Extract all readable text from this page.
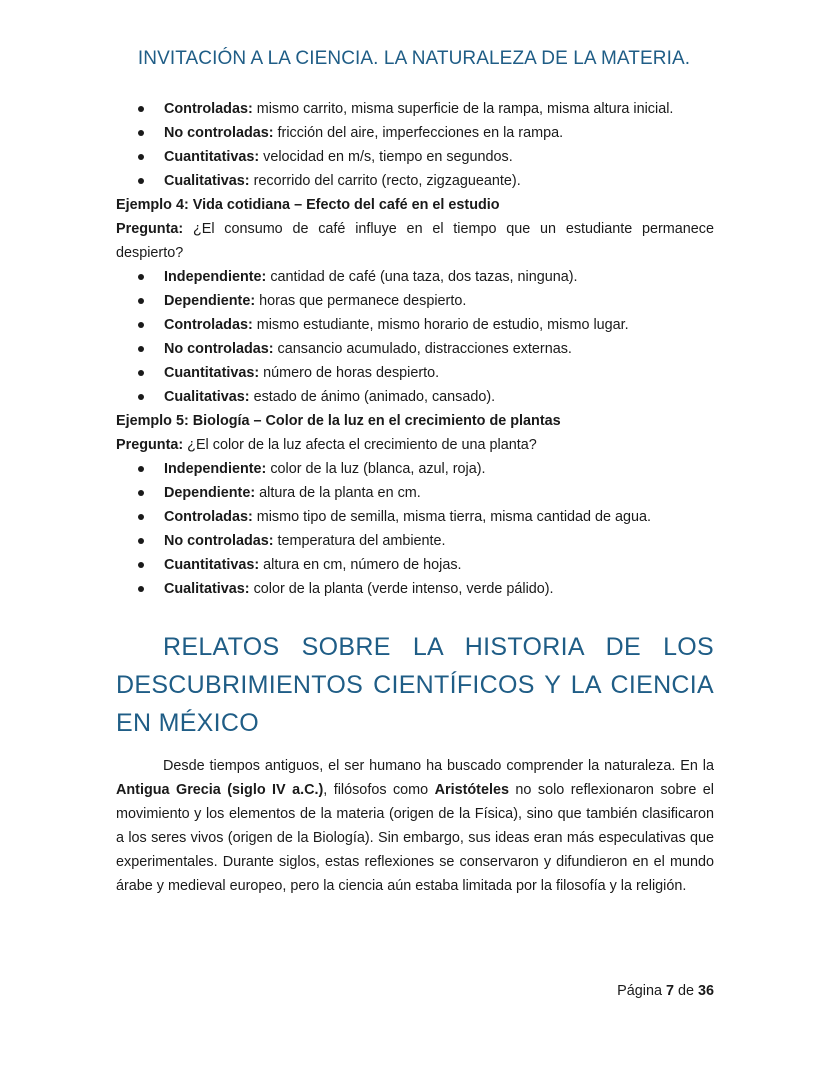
INVITACIÓN A LA CIENCIA. LA NATURALEZA DE LA MATERIA.
Controladas: mismo carrito, misma superficie de la rampa, misma altura inicial.
No controladas: fricción del aire, imperfecciones en la rampa.
Cuantitativas: velocidad en m/s, tiempo en segundos.
Cualitativas: recorrido del carrito (recto, zigzagueante).
Ejemplo 4: Vida cotidiana – Efecto del café en el estudio

Pregunta: ¿El consumo de café influye en el tiempo que un estudiante permanece despierto?

Independiente: cantidad de café (una taza, dos tazas, ninguna).
Dependiente: horas que permanece despierto.
Controladas: mismo estudiante, mismo horario de estudio, mismo lugar.
No controladas: cansancio acumulado, distracciones externas.
Cuantitativas: número de horas despierto.
Cualitativas: estado de ánimo (animado, cansado).
Ejemplo 5: Biología – Color de la luz en el crecimiento de plantas

Pregunta: ¿El color de la luz afecta el crecimiento de una planta?

Independiente: color de la luz (blanca, azul, roja).
Dependiente: altura de la planta en cm.
Controladas: mismo tipo de semilla, misma tierra, misma cantidad de agua.
No controladas: temperatura del ambiente.
Cuantitativas: altura en cm, número de hojas.
Cualitativas: color de la planta (verde intenso, verde pálido).
RELATOS SOBRE LA HISTORIA DE LOS DESCUBRIMIENTOS CIENTÍFICOS Y LA CIENCIA EN MÉXICO

Desde tiempos antiguos, el ser humano ha buscado comprender la naturaleza. En la Antigua Grecia (siglo IV a.C.), filósofos como Aristóteles no solo reflexionaron sobre el movimiento y los elementos de la materia (origen de la Física), sino que también clasificaron a los seres vivos (origen de la Biología). Sin embargo, sus ideas eran más especulativas que experimentales. Durante siglos, estas reflexiones se conservaron y difundieron en el mundo árabe y medieval europeo, pero la ciencia aún estaba limitada por la filosofía y la religión.

Página 7 de 36
